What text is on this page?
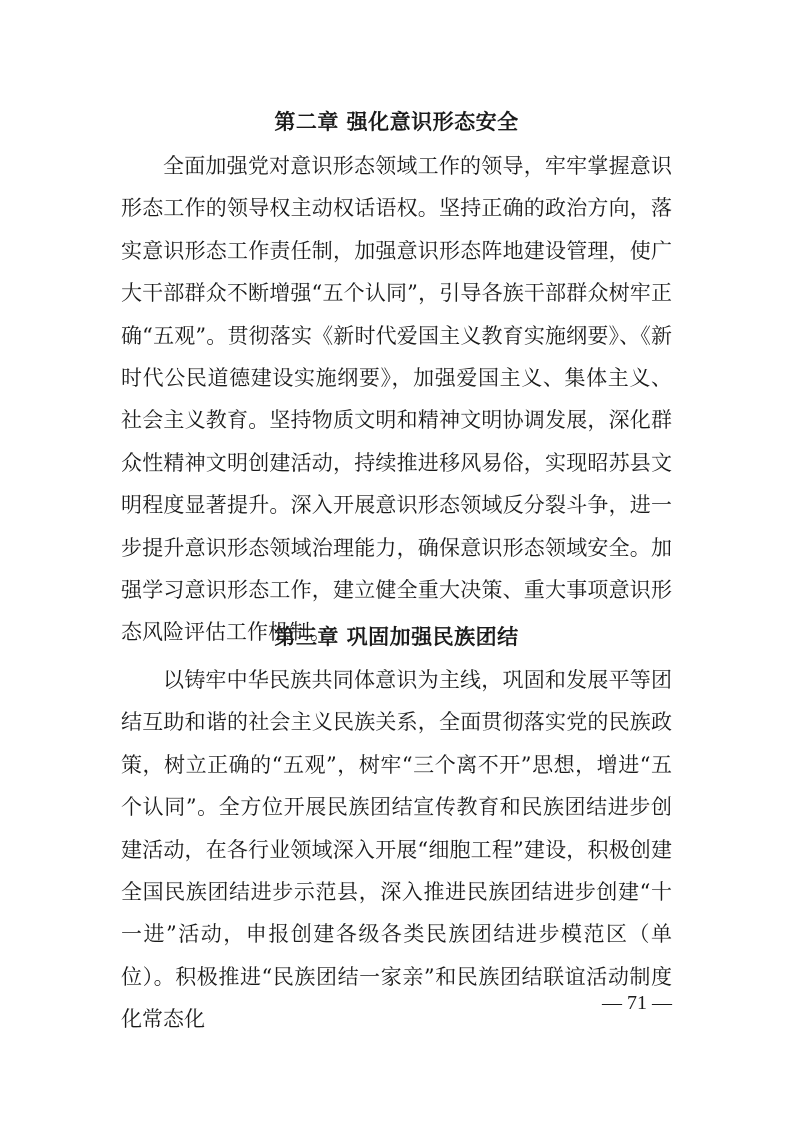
第二章 强化意识形态安全

全面加强党对意识形态领域工作的领导，牢牢掌握意识形态工作的领导权主动权话语权。坚持正确的政治方向，落实意识形态工作责任制，加强意识形态阵地建设管理，使广大干部群众不断增强“五个认同”，引导各族干部群众树牢正确“五观”。贯彻落实《新时代爱国主义教育实施纲要》、《新时代公民道德建设实施纲要》，加强爱国主义、集体主义、社会主义教育。坚持物质文明和精神文明协调发展，深化群众性精神文明创建活动，持续推进移风易俗，实现昭苏县文明程度显著提升。深入开展意识形态领域反分裂斗争，进一步提升意识形态领域治理能力，确保意识形态领域安全。加强学习意识形态工作，建立健全重大决策、重大事项意识形态风险评估工作机制。

第三章 巩固加强民族团结

以铸牢中华民族共同体意识为主线，巩固和发展平等团结互助和谐的社会主义民族关系，全面贯彻落实党的民族政策，树立正确的“五观”，树牢“三个离不开”思想，增进“五个认同”。全方位开展民族团结宣传教育和民族团结进步创建活动，在各行业领域深入开展“细胞工程”建设，积极创建全国民族团结进步示范县，深入推进民族团结进步创建“十一进”活动，申报创建各级各类民族团结进步模范区（单位）。积极推进“民族团结一家亲”和民族团结联谊活动制度化常态化

— 71 —
